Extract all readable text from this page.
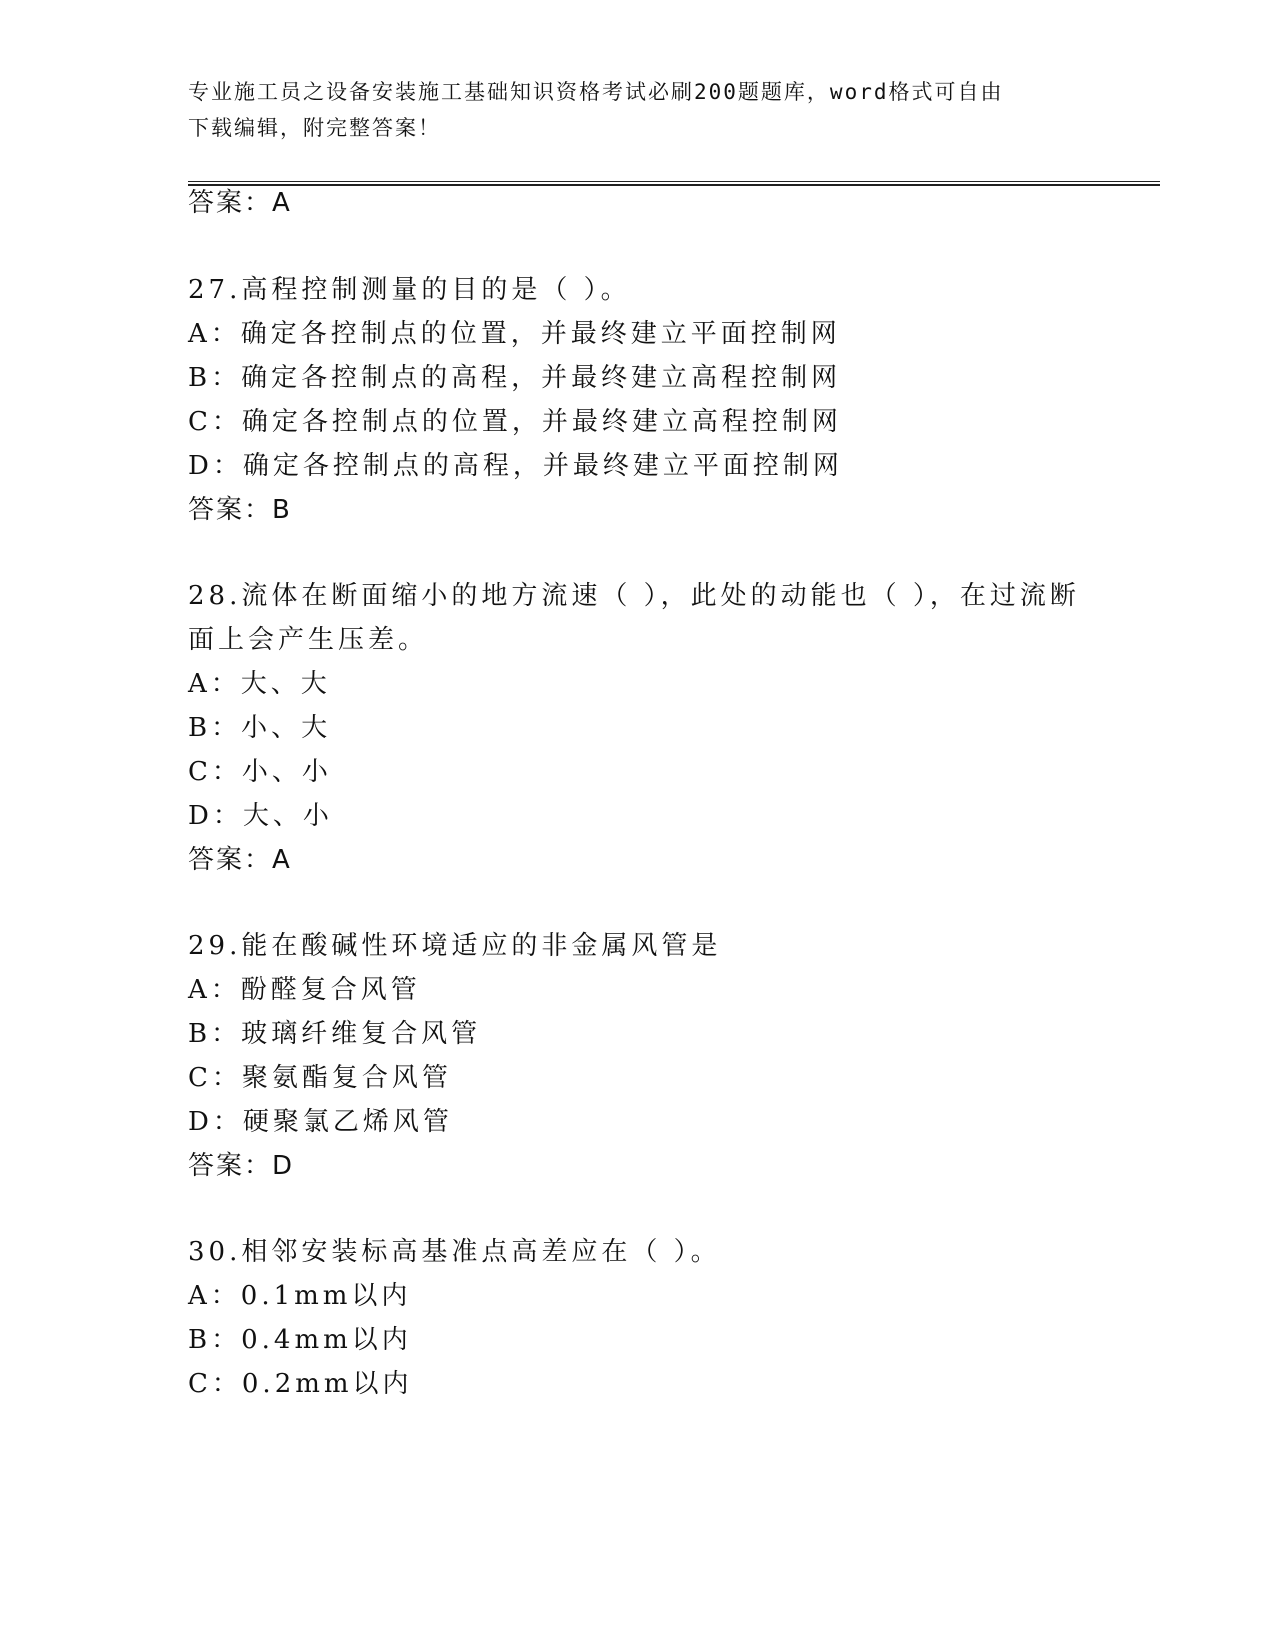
专业施工员之设备安装施工基础知识资格考试必刷200题题库，word格式可自由
下载编辑，附完整答案！
答案：A
27.高程控制测量的目的是（ ）。
A：确定各控制点的位置，并最终建立平面控制网
B：确定各控制点的高程，并最终建立高程控制网
C：确定各控制点的位置，并最终建立高程控制网
D：确定各控制点的高程，并最终建立平面控制网
答案：B
28.流体在断面缩小的地方流速（ ），此处的动能也（ ），在过流断
面上会产生压差。
A：大、大
B：小、大
C：小、小
D：大、小
答案：A
29.能在酸碱性环境适应的非金属风管是
A：酚醛复合风管
B：玻璃纤维复合风管
C：聚氨酯复合风管
D：硬聚氯乙烯风管
答案：D
30.相邻安装标高基准点高差应在（ ）。
A：0.1mm以内
B：0.4mm以内
C：0.2mm以内
